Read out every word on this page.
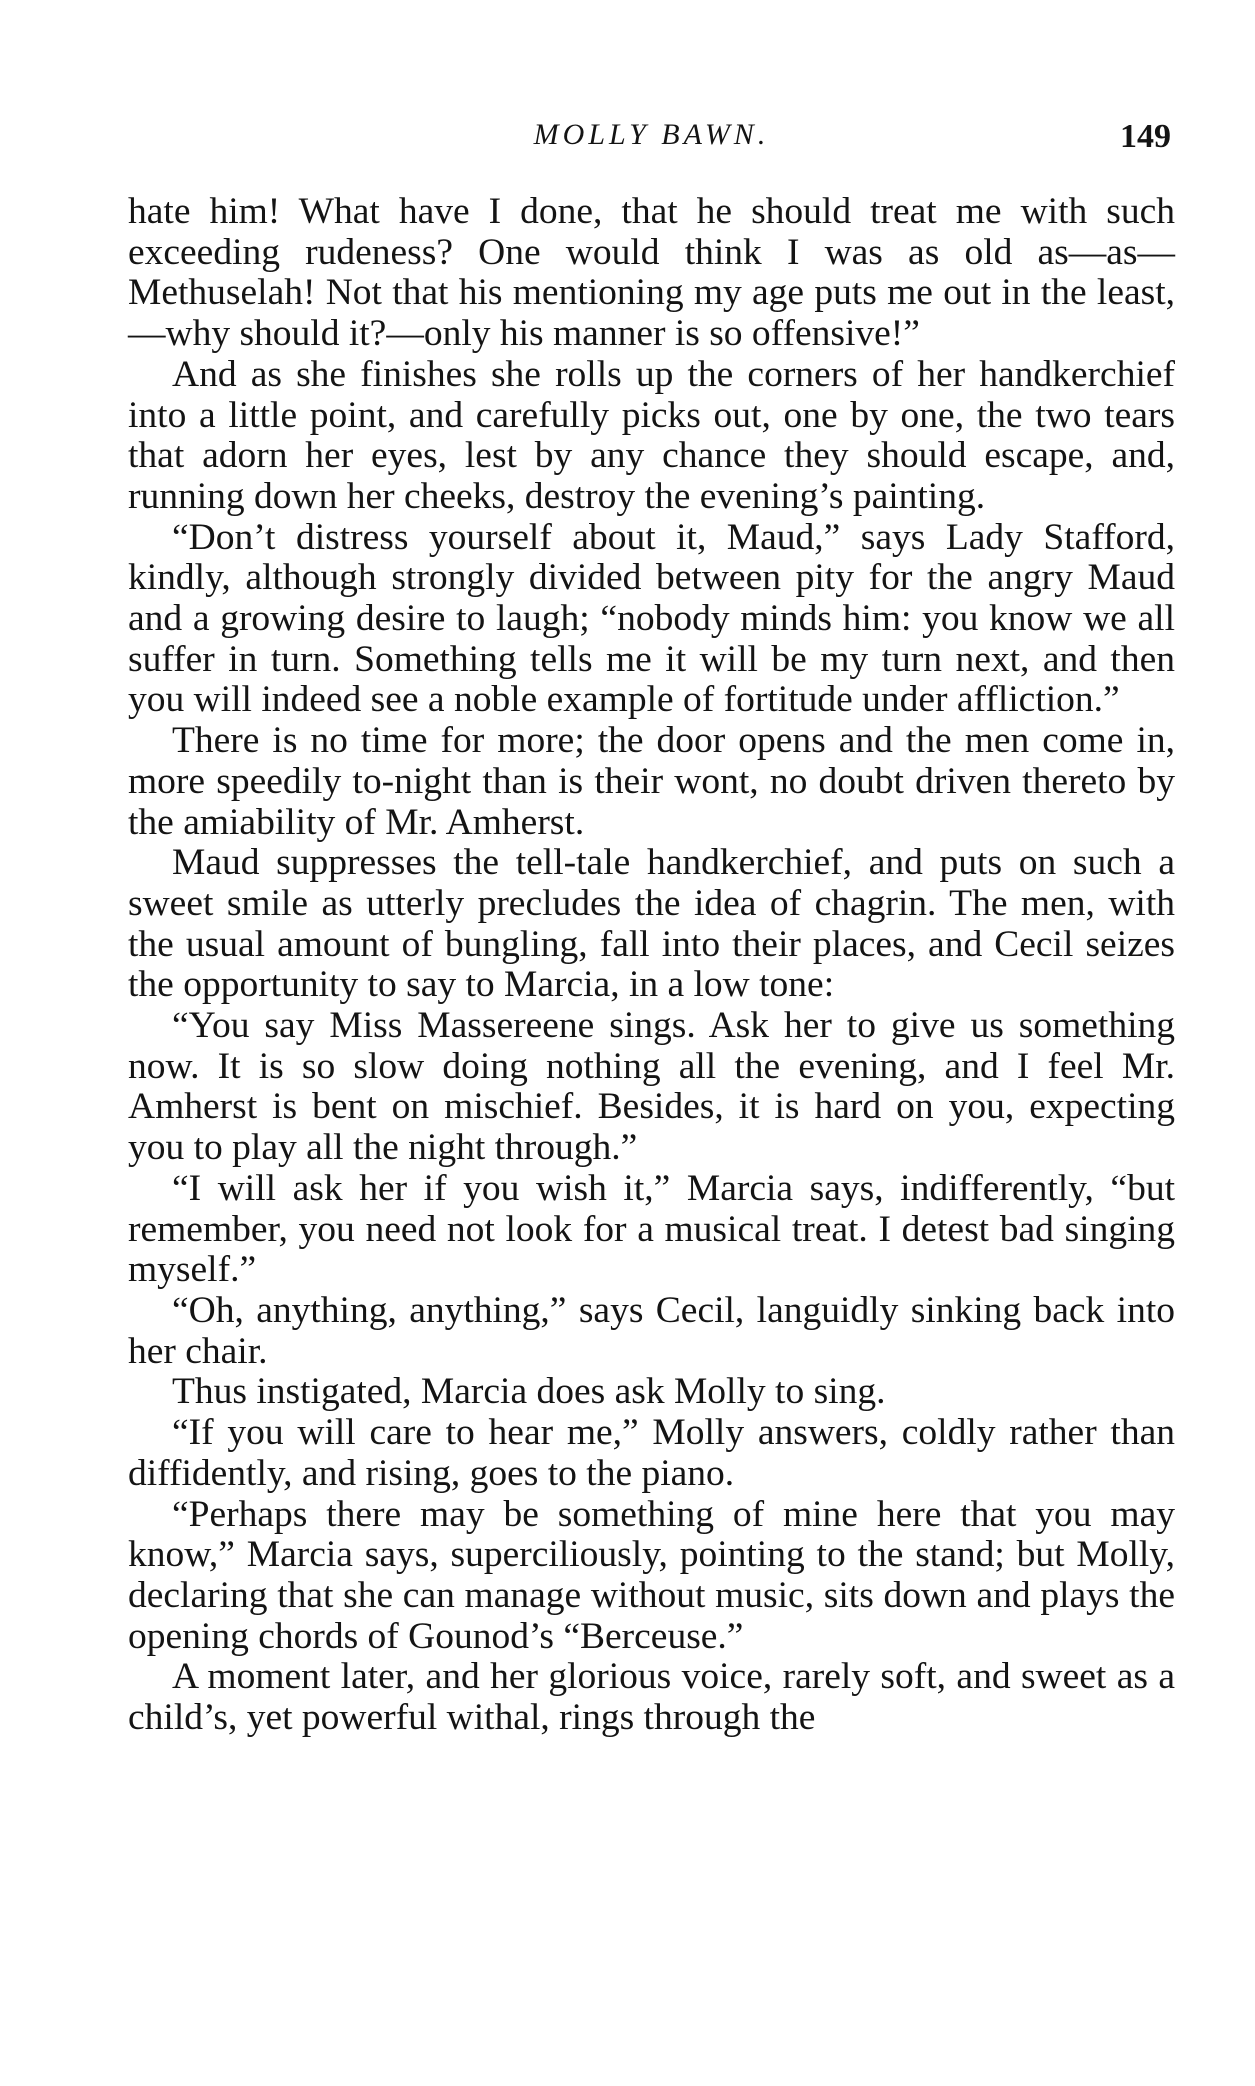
MOLLY BAWN.	149

hate him! What have I done, that he should treat me with such exceeding rudeness? One would think I was as old as—as—Methuselah! Not that his mentioning my age puts me out in the least,—why should it?—only his manner is so offensive!”

And as she finishes she rolls up the corners of her handkerchief into a little point, and carefully picks out, one by one, the two tears that adorn her eyes, lest by any chance they should escape, and, running down her cheeks, destroy the evening’s painting.

“Don’t distress yourself about it, Maud,” says Lady Stafford, kindly, although strongly divided between pity for the angry Maud and a growing desire to laugh; “nobody minds him: you know we all suffer in turn. Something tells me it will be my turn next, and then you will indeed see a noble example of fortitude under affliction.”

There is no time for more; the door opens and the men come in, more speedily to-night than is their wont, no doubt driven thereto by the amiability of Mr. Amherst.

Maud suppresses the tell-tale handkerchief, and puts on such a sweet smile as utterly precludes the idea of chagrin. The men, with the usual amount of bungling, fall into their places, and Cecil seizes the opportunity to say to Marcia, in a low tone:

“You say Miss Massereene sings. Ask her to give us something now. It is so slow doing nothing all the evening, and I feel Mr. Amherst is bent on mischief. Besides, it is hard on you, expecting you to play all the night through.”

“I will ask her if you wish it,” Marcia says, indifferently, “but remember, you need not look for a musical treat. I detest bad singing myself.”

“Oh, anything, anything,” says Cecil, languidly sinking back into her chair.

Thus instigated, Marcia does ask Molly to sing.

“If you will care to hear me,” Molly answers, coldly rather than diffidently, and rising, goes to the piano.

“Perhaps there may be something of mine here that you may know,” Marcia says, superciliously, pointing to the stand; but Molly, declaring that she can manage without music, sits down and plays the opening chords of Gounod’s “Berceuse.”

A moment later, and her glorious voice, rarely soft, and sweet as a child’s, yet powerful withal, rings through the
